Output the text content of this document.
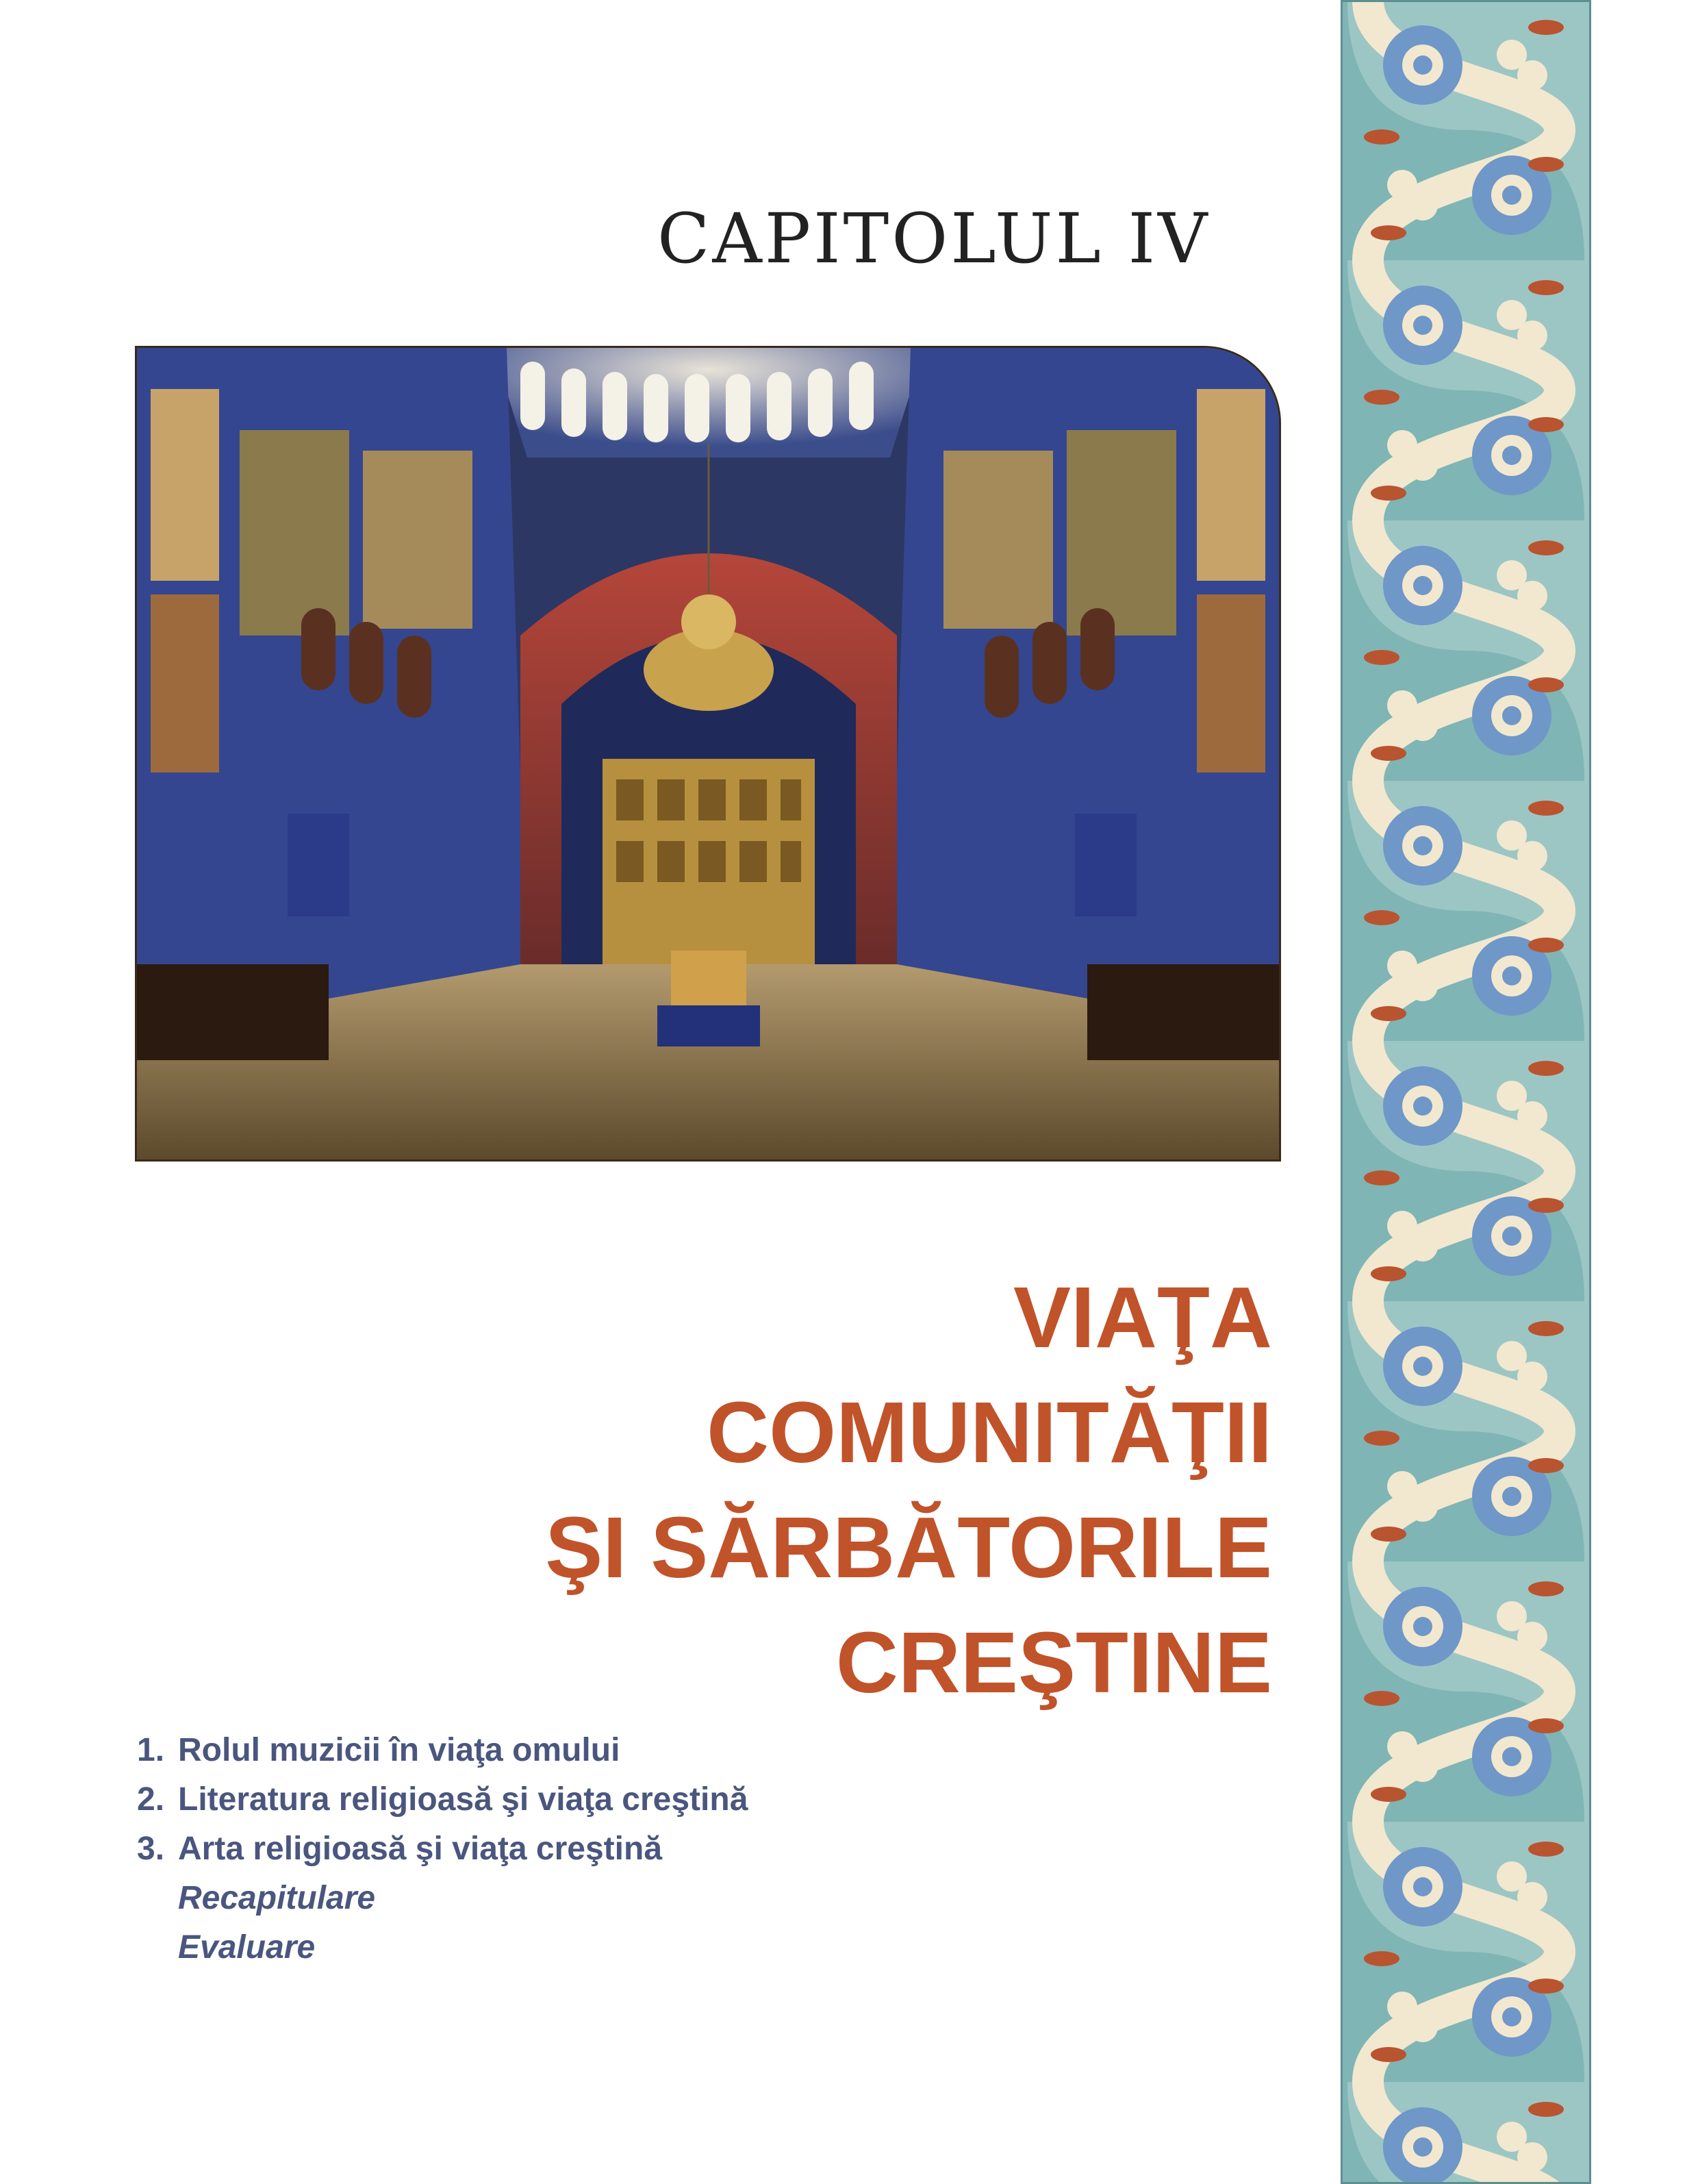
CAPITOLUL IV
VIAŢA
COMUNITĂŢII
ŞI SĂRBĂTORILE
CREŞTINE
1. Rolul muzicii în viaţa omului
2. Literatura religioasă şi viaţa creştină
3. Arta religioasă şi viaţa creştină
Recapitulare
Evaluare
